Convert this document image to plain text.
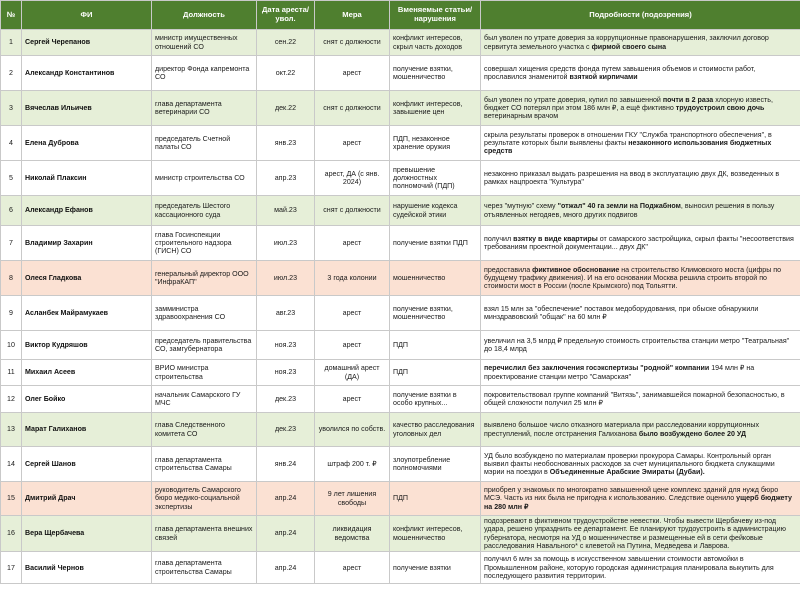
№	ФИ	Должность	Дата ареста/увол.	Мера	Вменяемые статьи/нарушения	Подробности (подозрения)
1	Сергей Черепанов	министр имущественных отношений СО	сен.22	снят с должности	конфликт интересов, скрыл часть доходов	был уволен по утрате доверия за коррупционные правонарушения, заключил договор сервитута земельного участка с фирмой своего сына
2	Александр Константинов	директор Фонда капремонта СО	окт.22	арест	получение взятки, мошенничество	совершал хищения средств фонда путем завышения объемов и стоимости работ, прославился знаменитой взяткой кирпичами
3	Вячеслав Ильичев	глава департамента ветеринарии СО	дек.22	снят с должности	конфликт интересов, завышение цен	был уволен по утрате доверия, купил по завышенной почти в 2 раза хлорную известь, бюджет СО потерял при этом 186 млн ₽, а ещё фиктивно трудоустроил свою дочь ветеринарным врачом
4	Елена Дуброва	председатель Счетной палаты СО	янв.23	арест	ПДП, незаконное хранение оружия	скрыла результаты проверок в отношении ГКУ "Служба транспортного обеспечения", в результате которых были выявлены факты незаконного использования бюджетных средств
5	Николай Плаксин	министр строительства СО	апр.23	арест, ДА (с янв. 2024)	превышение должностных полномочий (ПДП)	незаконно приказал выдать разрешения на ввод в эксплуатацию двух ДК, возведенных в рамках нацпроекта "Культура"
6	Александр Ефанов	председатель Шестого кассационного суда	май.23	снят с должности	нарушение кодекса судейской этики	через "мутную" схему "отжал" 40 га земли на Поджабном, выносил решения в пользу отъявленных негодяев, много других подвигов
7	Владимир Захарин	глава Госинспекции строительного надзора (ГИСН) СО	июл.23	арест	получение взятки ПДП	получил взятку в виде квартиры от самарского застройщика, скрыл факты "несоответствия требованиям проектной документации... двух ДК"
8	Олеся Гладкова	генеральный директор ООО "ИнфраКАП"	июл.23	3 года колонии	мошенничество	предоставила фиктивное обоснование на строительство Климовского моста (цифры по будущему трафику движения). И на его основании Москва решила строить второй по стоимости мост в России (после Крымского) под Тольятти.
9	Асланбек Майрамукаев	замминистра здравоохранения СО	авг.23	арест	получение взятки, мошенничество	взял 15 млн за "обеспечение" поставок медоборудования, при обыске обнаружили минздравовский "общак" на 60 млн ₽
10	Виктор Кудряшов	председатель правительства СО, замгубернатора	ноя.23	арест	ПДП	увеличил на 3,5 млрд ₽ предельную стоимость строительства станции метро "Театральная" до 18,4 млрд
11	Михаил Асеев	ВРИО министра строительства	ноя.23	домашний арест (ДА)	ПДП	перечислил без заключения госэкспертизы "родной" компании 194 млн ₽ на проектирование станции метро "Самарская"
12	Олег Бойко	начальник Самарского ГУ МЧС	дек.23	арест	получение взятки в особо крупных...	покровительствовал группе компаний "Витязь", занимавшейся пожарной безопасностью, в общей сложности получил 25 млн ₽
13	Марат Галиханов	глава Следственного комитета СО	дек.23	уволился по собств.	качество расследования уголовных дел	выявлено большое число отказного материала при расследовании коррупционных преступлений, после отстранения Галиханова было возбуждено более 20 УД
14	Сергей Шанов	глава департамента строительства Самары	янв.24	штраф 200 т. ₽	злоупотребление полномочиями	УД было возбуждено по материалам проверки прокурора Самары. Контрольный орган выявил факты необоснованных расходов за счет муниципального бюджета служащими мэрии на поездки в Объединенные Арабские Эмираты (Дубаи).
15	Дмитрий Драч	руководитель Самарского бюро медико-социальной экспертизы	апр.24	9 лет лишения свободы	ПДП	приобрел у знакомых по многократно завышенной цене комплекс зданий для нужд бюро МСЭ. Часть из них была не пригодна к использованию. Следствие оценило ущерб бюджету на 280 млн ₽
16	Вера Щербачева	глава департамента внешних связей	апр.24	ликвидация ведомства	конфликт интересов, мошенничество	подозревают в фиктивном трудоустройстве невестки. Чтобы вывести Щербачеву из-под удара, решено упразднить ее департамент. Ее планируют трудоустроить в администрацию губернатора, несмотря на УД о мошенничестве и размещенные ей в сети фейковые расследования Навального* с клеветой на Путина, Медведева и Лаврова.
17	Василий Чернов	глава департамента строительства Самары	апр.24	арест	получение взятки	получил 6 млн за помощь в искусственном завышении стоимости автомойки в Промышленном районе, которую городская администрация планировала выкупить для последующего развития территории.
